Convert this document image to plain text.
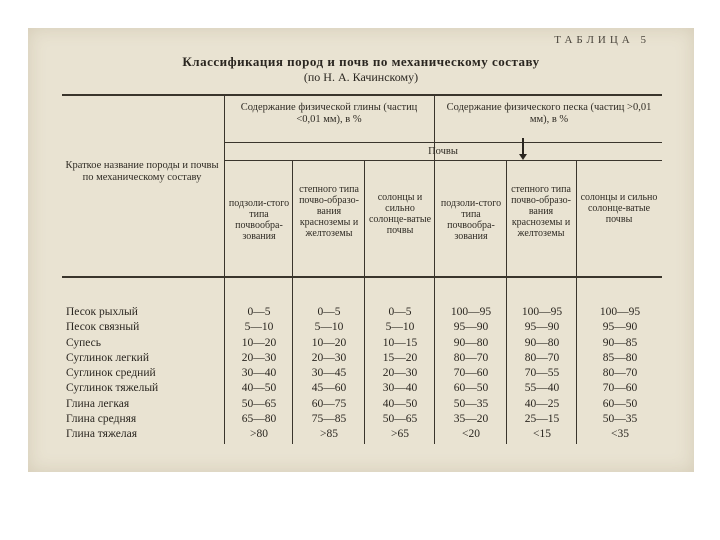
ТАБЛИЦА 5
Классификация пород и почв по механическому составу
(по Н. А. Качинскому)
Краткое название породы и почвы по механическому составу
Содержание физической глины (частиц <0,01 мм), в %
Содержание физического песка (частиц >0,01 мм), в %
Почвы
подзоли-стого типа почвообра-зования
степного типа почво-образо-вания красноземы и желтоземы
солонцы и сильно солонце-ватые почвы
подзоли-стого типа почвообра-зования
степного типа почво-образо-вания красноземы и желтоземы
солонцы и сильно солонце-ватые почвы
Песок рыхлый
Песок связный
Супесь
Суглинок легкий
Суглинок средний
Суглинок тяжелый
Глина легкая
Глина средняя
Глина тяжелая
0—5
5—10
10—20
20—30
30—40
40—50
50—65
65—80
>80
0—5
5—10
10—20
20—30
30—45
45—60
60—75
75—85
>85
0—5
5—10
10—15
15—20
20—30
30—40
40—50
50—65
>65
100—95
95—90
90—80
80—70
70—60
60—50
50—35
35—20
<20
100—95
95—90
90—80
80—70
70—55
55—40
40—25
25—15
<15
100—95
95—90
90—85
85—80
80—70
70—60
60—50
50—35
<35
